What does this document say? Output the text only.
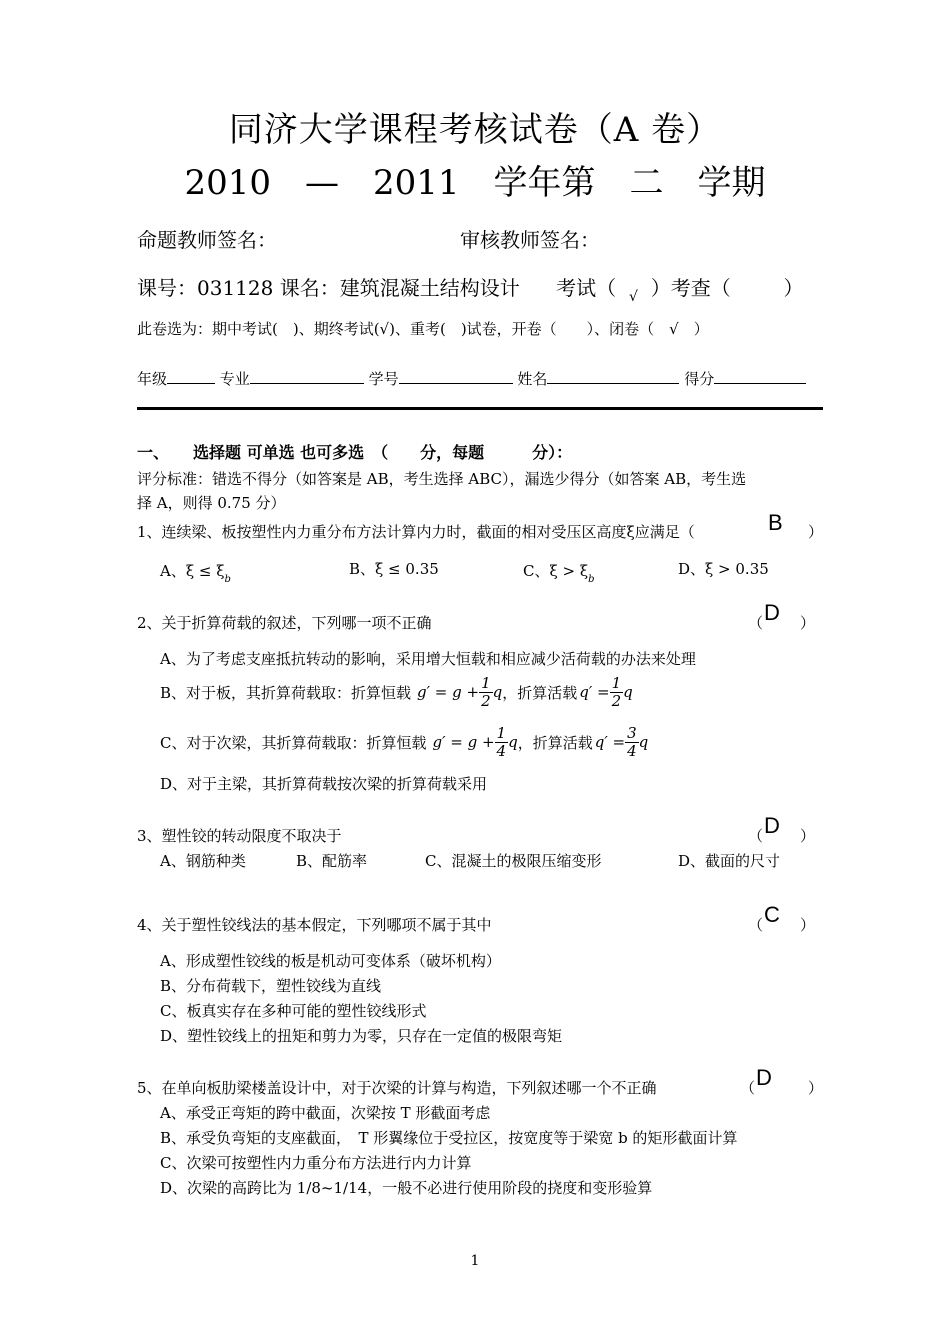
同济大学课程考核试卷（A 卷）
2010　—　2011　学年第　二　学期
命题教师签名：	审核教师签名：
课号：031128 课名：建筑混凝土结构设计 考试（ √ ）考查（	）
此卷选为：期中考试(　)、期终考试(√)、重考(　)试卷，开卷（　　）、闭卷（　√　）
年级	专业	学号	姓名	得分
一、　　选择题 可单选 也可多选　（　　分，每题　　　分）：
评分标准：错选不得分（如答案是 AB，考生选择 ABC），漏选少得分（如答案 AB，考生选
择 A，则得 0.75 分）
1、连续梁、板按塑性内力重分布方法计算内力时，截面的相对受压区高度ξ应满足（	B ）
A、$\xi \le \xi_b$
B、ξ ≤ 0.35	C、$\xi > \xi_b$
D、ξ > 0.35
2、关于折算荷载的叙述，下列哪一项不正确	（ D ）
A、为了考虑支座抵抗转动的影响，采用增大恒载和相应减少活荷载的办法来处理
B、对于板，其折算荷载取：折算恒载 $g' = g + \frac{1}{2}$ q ，折算活载 $q' = \frac{1}{2}$ q
C、对于次梁，其折算荷载取：折算恒载 $g' = g + \frac{1}{4}$ q ，折算活载 $q' = \frac{3}{4}$ q
D、对于主梁，其折算荷载按次梁的折算荷载采用
3、塑性铰的转动限度不取决于	（ D ）
A、钢筋种类	B、配筋率	C、混凝土的极限压缩变形	D、截面的尺寸
4、关于塑性铰线法的基本假定，下列哪项不属于其中	（ C ）
A、形成塑性铰线的板是机动可变体系（破坏机构）
B、分布荷载下，塑性铰线为直线
C、板真实存在多种可能的塑性铰线形式
D、塑性铰线上的扭矩和剪力为零，只存在一定值的极限弯矩
5、在单向板肋梁楼盖设计中，对于次梁的计算与构造，下列叙述哪一个不正确	（ D ）
A、承受正弯矩的跨中截面，次梁按 T 形截面考虑
B、承受负弯矩的支座截面，　T 形翼缘位于受拉区，按宽度等于梁宽 b 的矩形截面计算
C、次梁可按塑性内力重分布方法进行内力计算
D、次梁的高跨比为 1/8~1/14，一般不必进行使用阶段的挠度和变形验算
1
